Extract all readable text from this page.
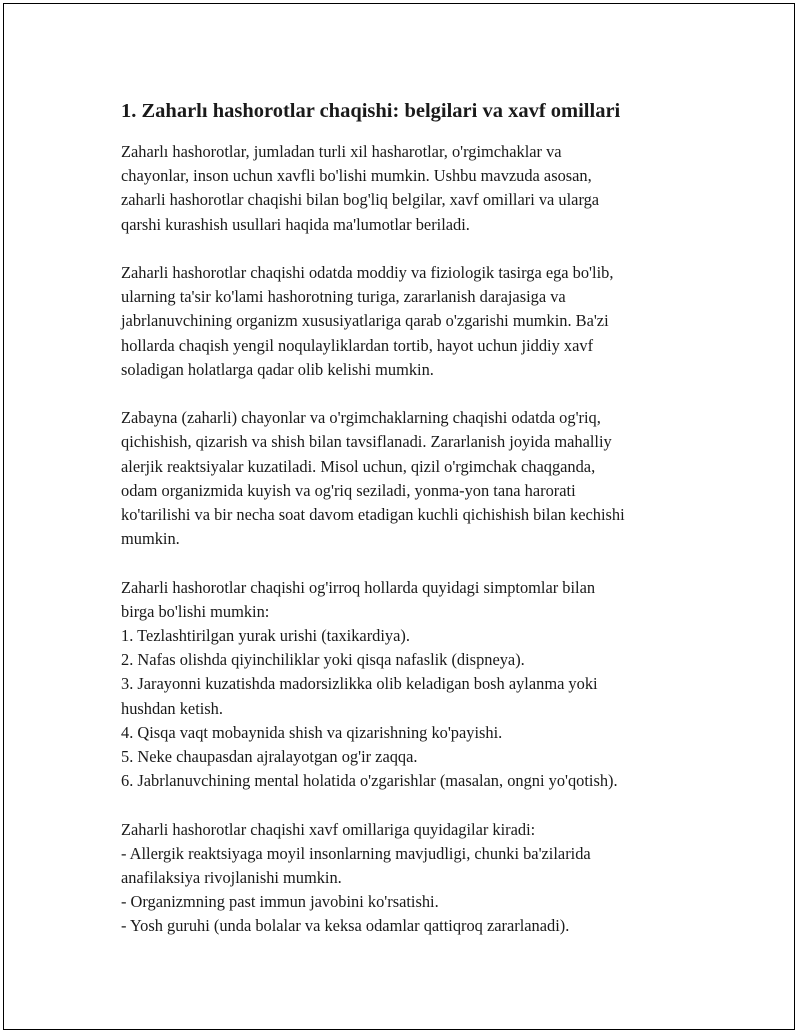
1. Zaharlı hashorotlar chaqishi: belgilari va xavf omillari
Zaharlı hashorotlar, jumladan turli xil hasharotlar, o'rgimchaklar va
chayonlar, inson uchun xavfli bo'lishi mumkin. Ushbu mavzuda asosan,
zaharli hashorotlar chaqishi bilan bog'liq belgilar, xavf omillari va ularga
qarshi kurashish usullari haqida ma'lumotlar beriladi.
Zaharli hashorotlar chaqishi odatda moddiy va fiziologik tasirga ega bo'lib,
ularning ta'sir ko'lami hashorotning turiga, zararlanish darajasiga va
jabrlanuvchining organizm xususiyatlariga qarab o'zgarishi mumkin. Ba'zi
hollarda chaqish yengil noqulayliklardan tortib, hayot uchun jiddiy xavf
soladigan holatlarga qadar olib kelishi mumkin.
Zabayna (zaharli) chayonlar va o'rgimchaklarning chaqishi odatda og'riq,
qichishish, qizarish va shish bilan tavsiflanadi. Zararlanish joyida mahalliy
alerjik reaktsiyalar kuzatiladi. Misol uchun, qizil o'rgimchak chaqganda,
odam organizmida kuyish va og'riq seziladi, yonma-yon tana harorati
ko'tarilishi va bir necha soat davom etadigan kuchli qichishish bilan kechishi
mumkin.
Zaharli hashorotlar chaqishi og'irroq hollarda quyidagi simptomlar bilan
birga bo'lishi mumkin:
1. Tezlashtirilgan yurak urishi (taxikardiya).
2. Nafas olishda qiyinchiliklar yoki qisqa nafaslik (dispneya).
3. Jarayonni kuzatishda madorsizlikka olib keladigan bosh aylanma yoki
hushdan ketish.
4. Qisqa vaqt mobaynida shish va qizarishning ko'payishi.
5. Neke chaupasdan ajralayotgan og'ir zaqqa.
6. Jabrlanuvchining mental holatida o'zgarishlar (masalan, ongni yo'qotish).
Zaharli hashorotlar chaqishi xavf omillariga quyidagilar kiradi:
- Allergik reaktsiyaga moyil insonlarning mavjudligi, chunki ba'zilarida
anafilaksiya rivojlanishi mumkin.
- Organizmning past immun javobini ko'rsatishi.
- Yosh guruhi (unda bolalar va keksa odamlar qattiqroq zararlanadi).
